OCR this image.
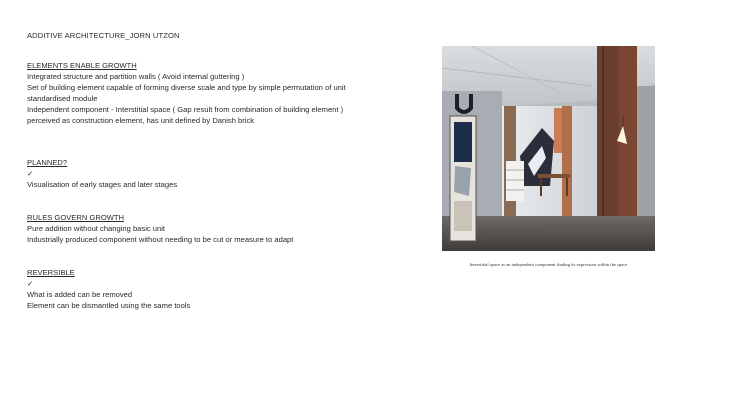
ADDITIVE ARCHITECTURE_JORN UTZON
ELEMENTS ENABLE GROWTH
Integrated structure and partition walls ( Avoid internal guttering )
Set of building element capable of forming diverse scale and type by simple permutation of unit
standardised module
Independent component - Interstitial space ( Gap result from combination of building element ) perceived as construction element, has unit defined by Danish brick
PLANNED?
✓
Visualisation of early stages and later stages
RULES GOVERN GROWTH
Pure addition without changing basic unit
Industrially produced component without needing to be cut or measure to adapt
REVERSIBLE
✓
What is added can be removed
Element can be dismantled using the same tools
Interstitial space as an independent component finding its expression within the space
